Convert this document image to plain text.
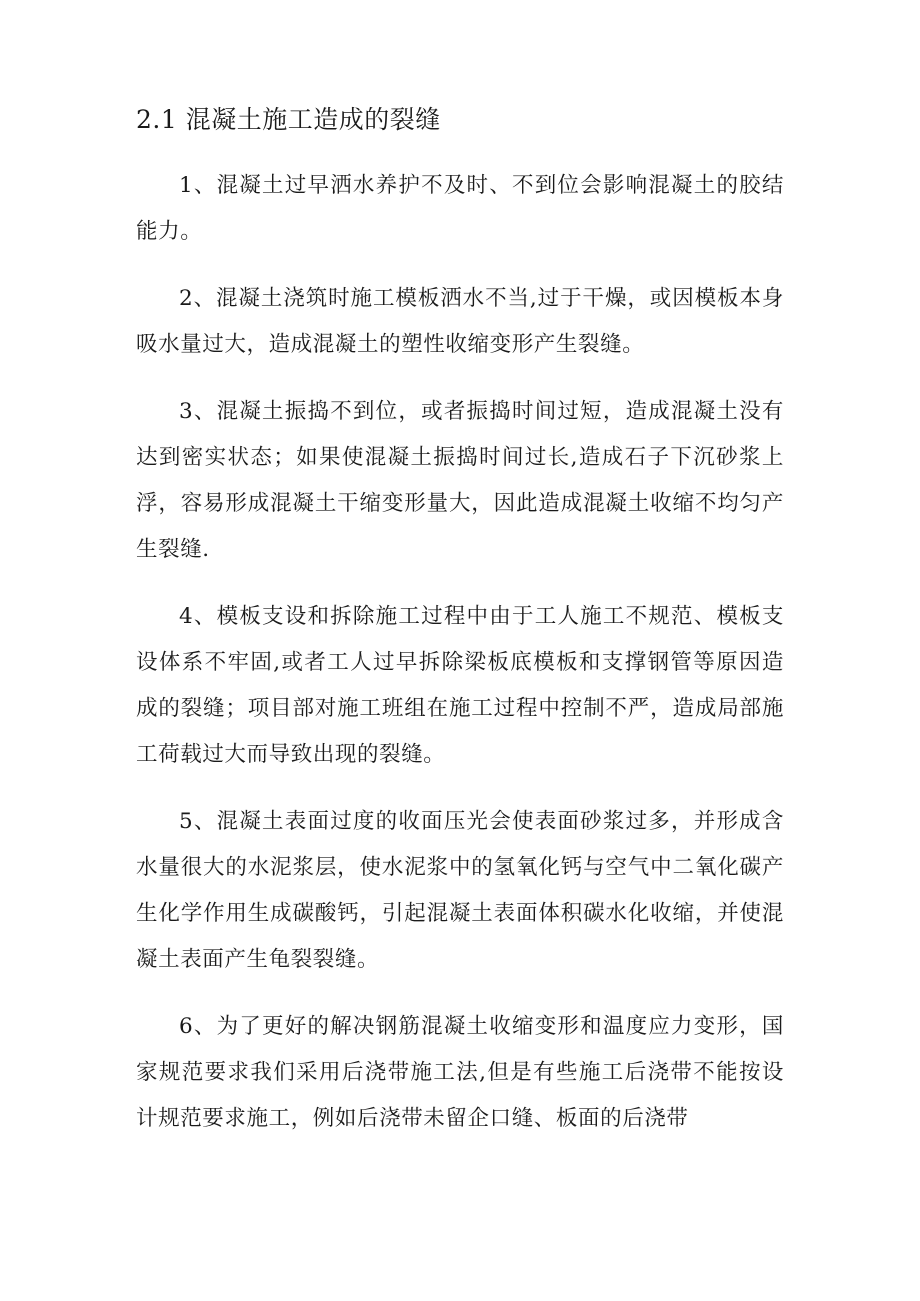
2.1 混凝土施工造成的裂缝

1、混凝土过早洒水养护不及时、不到位会影响混凝土的胶结能力。

2、混凝土浇筑时施工模板洒水不当,过于干燥，或因模板本身吸水量过大，造成混凝土的塑性收缩变形产生裂缝。

3、混凝土振捣不到位，或者振捣时间过短，造成混凝土没有达到密实状态；如果使混凝土振捣时间过长,造成石子下沉砂浆上浮，容易形成混凝土干缩变形量大，因此造成混凝土收缩不均匀产生裂缝.

4、模板支设和拆除施工过程中由于工人施工不规范、模板支设体系不牢固,或者工人过早拆除梁板底模板和支撑钢管等原因造成的裂缝；项目部对施工班组在施工过程中控制不严，造成局部施工荷载过大而导致出现的裂缝。

5、混凝土表面过度的收面压光会使表面砂浆过多，并形成含水量很大的水泥浆层，使水泥浆中的氢氧化钙与空气中二氧化碳产生化学作用生成碳酸钙，引起混凝土表面体积碳水化收缩，并使混凝土表面产生龟裂裂缝。

6、为了更好的解决钢筋混凝土收缩变形和温度应力变形，国家规范要求我们采用后浇带施工法,但是有些施工后浇带不能按设计规范要求施工，例如后浇带未留企口缝、板面的后浇带
